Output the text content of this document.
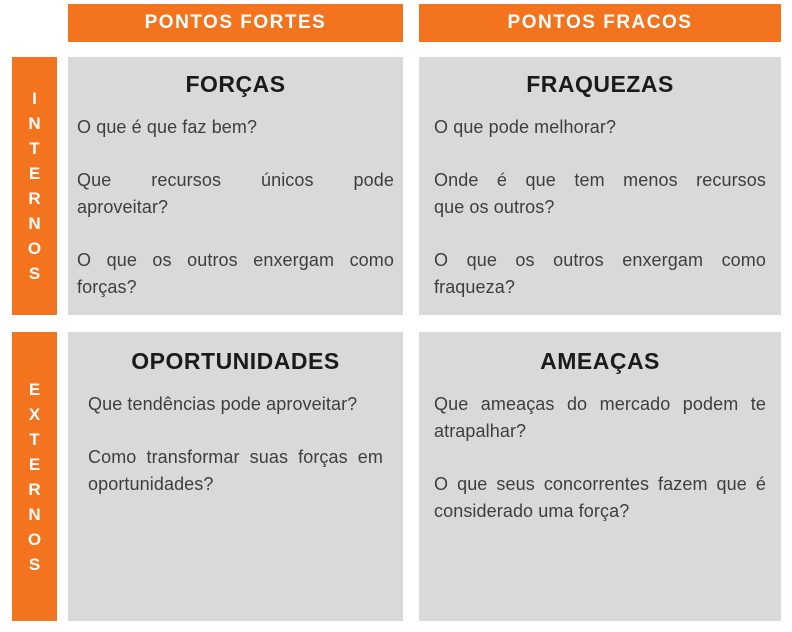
PONTOS FORTES	PONTOS FRACOS
I
N
T
E
R
N
O
S
FORÇAS
O que é que faz bem?
Que recursos únicos pode
aproveitar?
O que os outros enxergam como
forças?
FRAQUEZAS
O que pode melhorar?
Onde é que tem menos recursos
que os outros?
O que os outros enxergam como
fraqueza?
E
X
T
E
R
N
O
S
OPORTUNIDADES
Que tendências pode aproveitar?
Como transformar suas forças em
oportunidades?
AMEAÇAS
Que ameaças do mercado podem te
atrapalhar?
O que seus concorrentes fazem que é
considerado uma força?
